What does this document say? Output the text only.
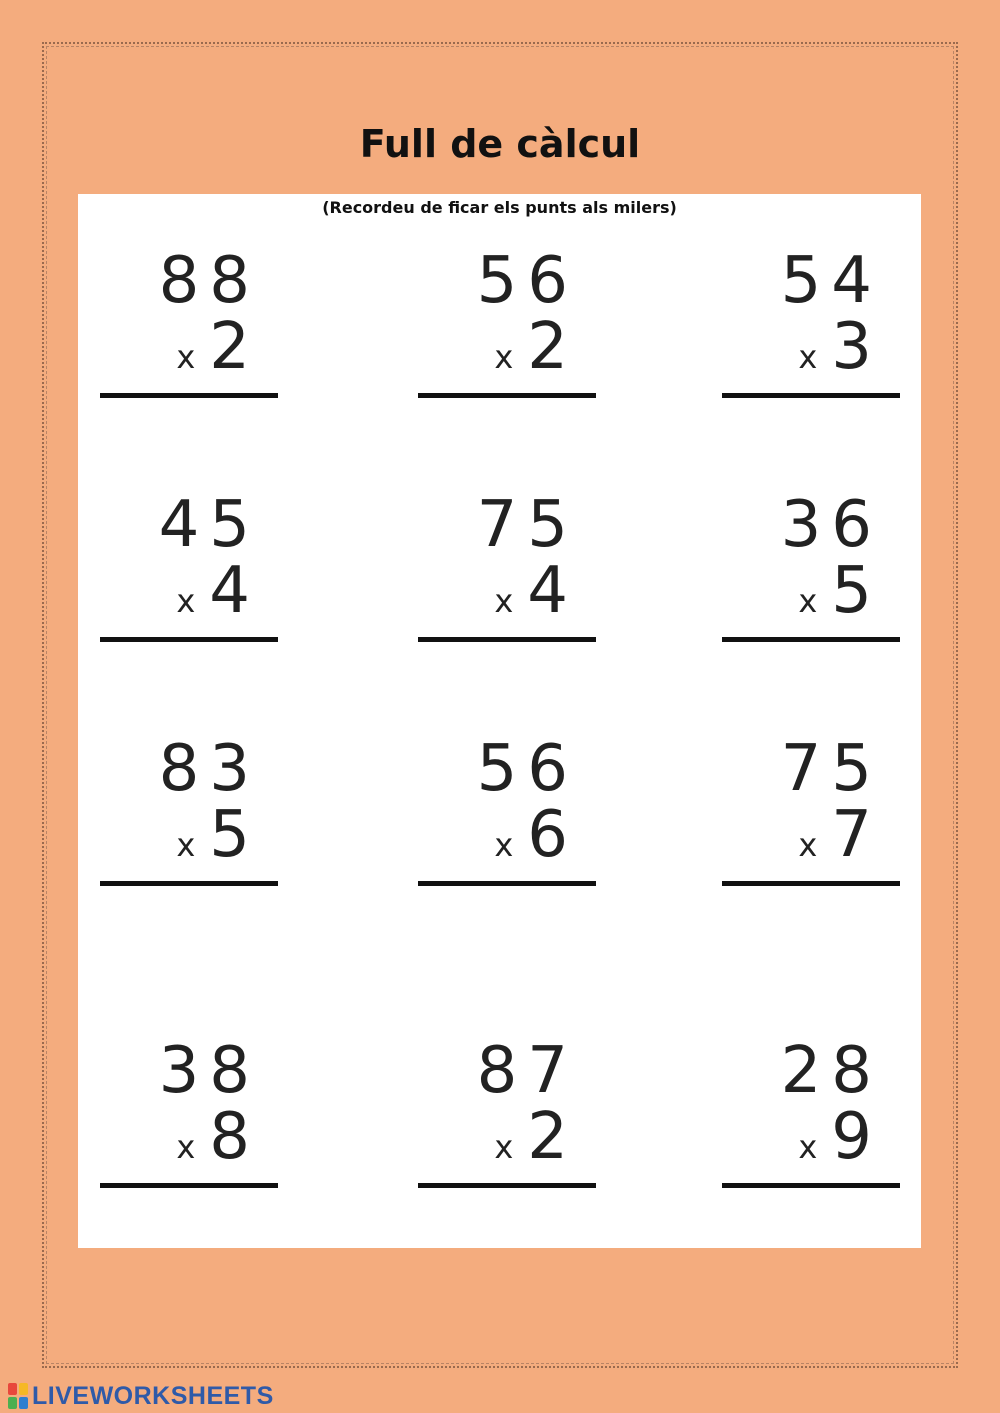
Full de càlcul
(Recordeu de ficar els punts als milers)
88
x 2
56
x 2
54
x 3
45
x 4
75
x 4
36
x 5
83
x 5
56
x 6
75
x 7
38
x 8
87
x 2
28
x 9
LIVEWORKSHEETS
